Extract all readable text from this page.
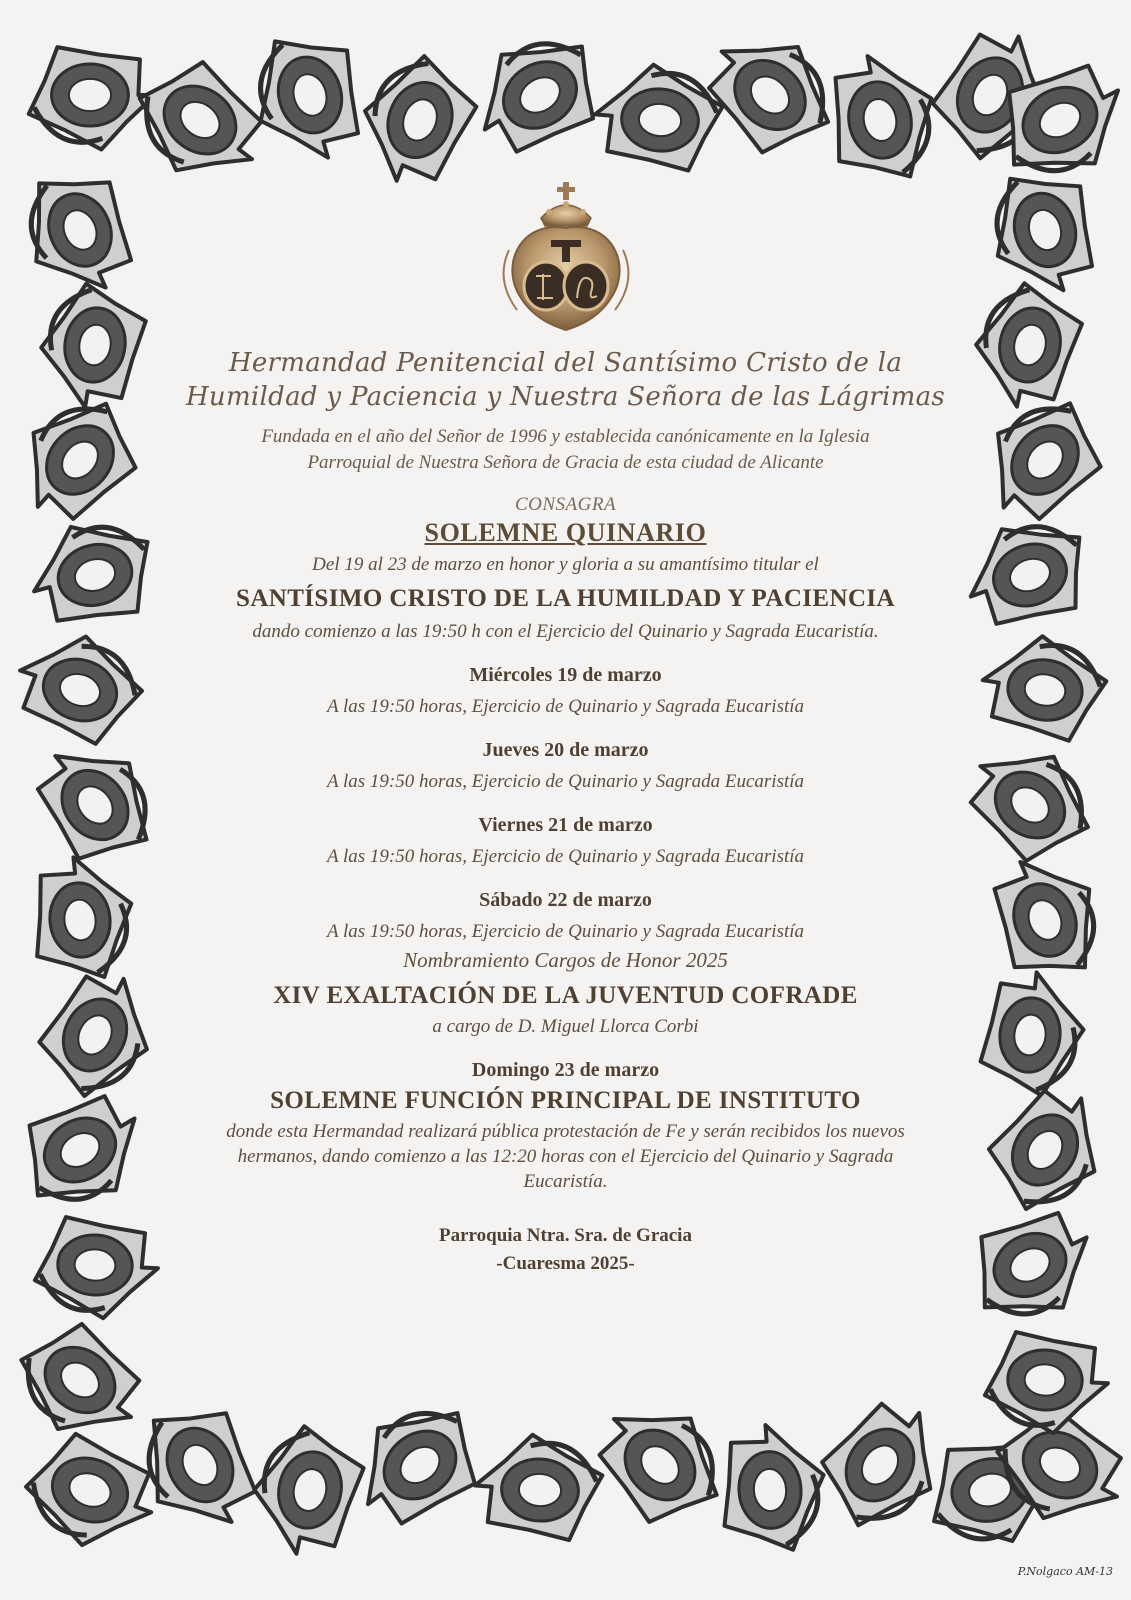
Hermandad Penitencial del Santísimo Cristo de la
Humildad y Paciencia y Nuestra Señora de las Lágrimas
Fundada en el año del Señor de 1996 y establecida canónicamente en la Iglesia
Parroquial de Nuestra Señora de Gracia de esta ciudad de Alicante
CONSAGRA
SOLEMNE QUINARIO
Del 19 al 23 de marzo en honor y gloria a su amantísimo titular el
SANTÍSIMO CRISTO DE LA HUMILDAD Y PACIENCIA
dando comienzo a las 19:50 h con el Ejercicio del Quinario y Sagrada Eucaristía.
Miércoles 19 de marzo
A las 19:50 horas, Ejercicio de Quinario y Sagrada Eucaristía
Jueves 20 de marzo
A las 19:50 horas, Ejercicio de Quinario y Sagrada Eucaristía
Viernes 21 de marzo
A las 19:50 horas, Ejercicio de Quinario y Sagrada Eucaristía
Sábado 22 de marzo
A las 19:50 horas, Ejercicio de Quinario y Sagrada Eucaristía
Nombramiento Cargos de Honor 2025
XIV EXALTACIÓN DE LA JUVENTUD COFRADE
a cargo de D. Miguel Llorca Corbi
Domingo 23 de marzo
SOLEMNE FUNCIÓN PRINCIPAL DE INSTITUTO
donde esta Hermandad realizará pública protestación de Fe y serán recibidos los nuevos
hermanos, dando comienzo a las 12:20 horas con el Ejercicio del Quinario y Sagrada
Eucaristía.
Parroquia Ntra. Sra. de Gracia
-Cuaresma 2025-
P.Nolgaco AM-13
